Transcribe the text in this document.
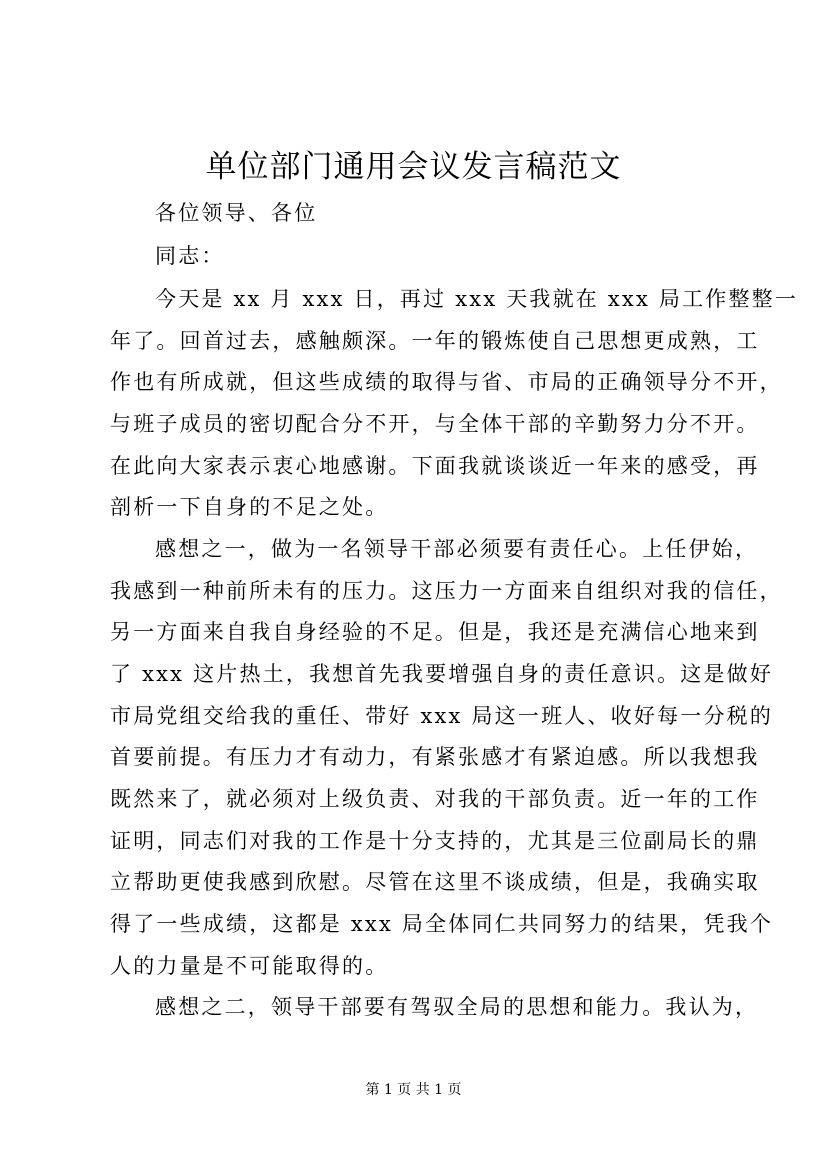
单位部门通用会议发言稿范文
各位领导、各位
同志：
今天是 xx 月 xxx 日，再过 xxx 天我就在 xxx 局工作整整一
年了。回首过去，感触颇深。一年的锻炼使自己思想更成熟，工
作也有所成就，但这些成绩的取得与省、市局的正确领导分不开，
与班子成员的密切配合分不开，与全体干部的辛勤努力分不开。
在此向大家表示衷心地感谢。下面我就谈谈近一年来的感受，再
剖析一下自身的不足之处。
感想之一，做为一名领导干部必须要有责任心。上任伊始，
我感到一种前所未有的压力。这压力一方面来自组织对我的信任，
另一方面来自我自身经验的不足。但是，我还是充满信心地来到
了 xxx 这片热土，我想首先我要增强自身的责任意识。这是做好
市局党组交给我的重任、带好 xxx 局这一班人、收好每一分税的
首要前提。有压力才有动力，有紧张感才有紧迫感。所以我想我
既然来了，就必须对上级负责、对我的干部负责。近一年的工作
证明，同志们对我的工作是十分支持的，尤其是三位副局长的鼎
立帮助更使我感到欣慰。尽管在这里不谈成绩，但是，我确实取
得了一些成绩，这都是 xxx 局全体同仁共同努力的结果，凭我个
人的力量是不可能取得的。
感想之二，领导干部要有驾驭全局的思想和能力。我认为，
第 1 页 共 1 页
